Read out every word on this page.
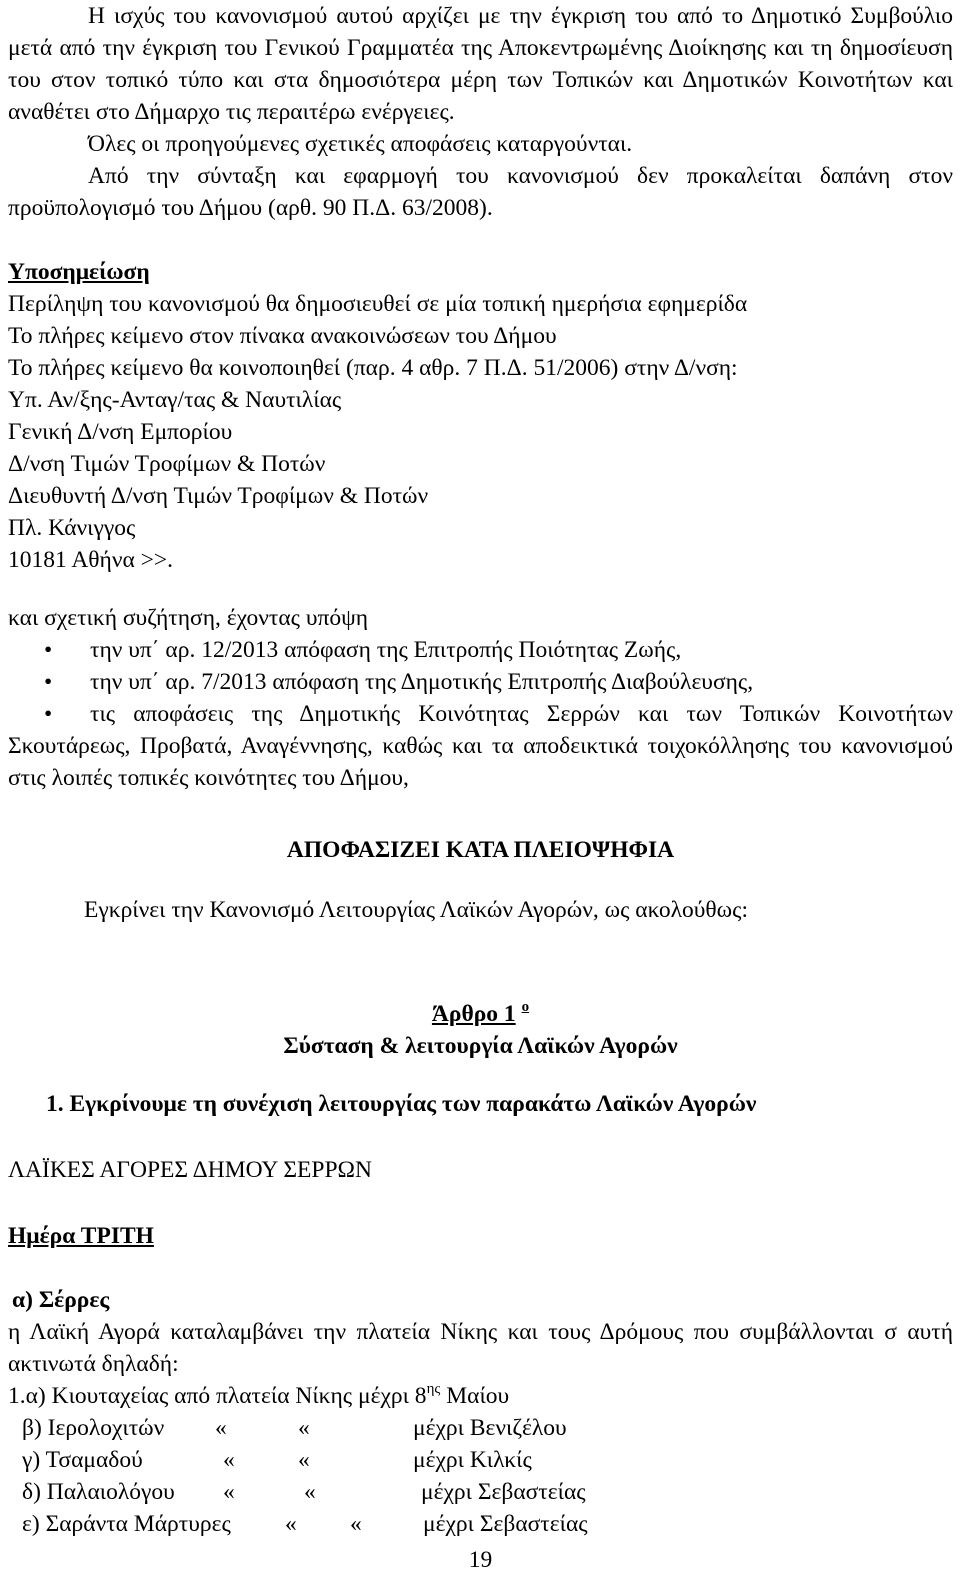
Η ισχύς του κανονισμού αυτού αρχίζει με την έγκριση του από το Δημοτικό Συμβούλιο μετά από την έγκριση του Γενικού Γραμματέα της Αποκεντρωμένης Διοίκησης και τη δημοσίευση του στον τοπικό τύπο και στα δημοσιότερα μέρη των Τοπικών και Δημοτικών Κοινοτήτων και αναθέτει στο Δήμαρχο τις περαιτέρω ενέργειες.

Όλες οι προηγούμενες σχετικές αποφάσεις καταργούνται.

Από την σύνταξη και εφαρμογή του κανονισμού δεν προκαλείται δαπάνη στον προϋπολογισμό του Δήμου (αρθ. 90 Π.Δ. 63/2008).

Υποσημείωση

Περίληψη του κανονισμού θα δημοσιευθεί σε μία τοπική ημερήσια εφημερίδα

Το πλήρες κείμενο στον πίνακα ανακοινώσεων του Δήμου

Το πλήρες κείμενο θα κοινοποιηθεί (παρ. 4 αθρ. 7 Π.Δ. 51/2006) στην Δ/νση:

Υπ. Αν/ξης-Ανταγ/τας & Ναυτιλίας

Γενική Δ/νση Εμπορίου

Δ/νση Τιμών Τροφίμων & Ποτών

Διευθυντή Δ/νση Τιμών Τροφίμων & Ποτών

Πλ. Κάνιγγος

10181 Αθήνα >>.

και σχετική συζήτηση, έχοντας υπόψη

• την υπ΄ αρ. 12/2013 απόφαση της Επιτροπής Ποιότητας Ζωής,

• την υπ΄ αρ. 7/2013 απόφαση της Δημοτικής Επιτροπής Διαβούλευσης,

•	τις αποφάσεις της Δημοτικής Κοινότητας Σερρών και των Τοπικών Κοινοτήτων Σκουτάρεως, Προβατά, Αναγέννησης, καθώς και τα αποδεικτικά τοιχοκόλλησης του κανονισμού στις λοιπές τοπικές κοινότητες του Δήμου,

ΑΠΟΦΑΣΙΖΕΙ ΚΑΤΑ ΠΛΕΙΟΨΗΦΙΑ

Εγκρίνει την Κανονισμό Λειτουργίας Λαϊκών Αγορών, ως ακολούθως:

Άρθρο 1 $^o$

Σύσταση & λειτουργία Λαϊκών Αγορών

1. Εγκρίνουμε τη συνέχιση λειτουργίας των παρακάτω Λαϊκών Αγορών

ΛΑΪΚΕΣ ΑΓΟΡΕΣ ΔΗΜΟΥ ΣΕΡΡΩΝ

Ημέρα ΤΡΙΤΗ

α) Σέρρες

η Λαϊκή Αγορά καταλαμβάνει την πλατεία Νίκης και τους Δρόμους που συμβάλλονται σ αυτή ακτινωτά δηλαδή:

1.α) Κιουταχείας από πλατεία Νίκης μέχρι $8^{\eta\varsigma}$ Μαίου

β) Ιερολοχιτών	«	«	μέχρι Βενιζέλου

γ) Τσαμαδού	«	«	μέχρι Κιλκίς

δ) Παλαιολόγου	«	«	μέχρι Σεβαστείας

ε) Σαράντα Μάρτυρες	«	«	μέχρι Σεβαστείας

19
